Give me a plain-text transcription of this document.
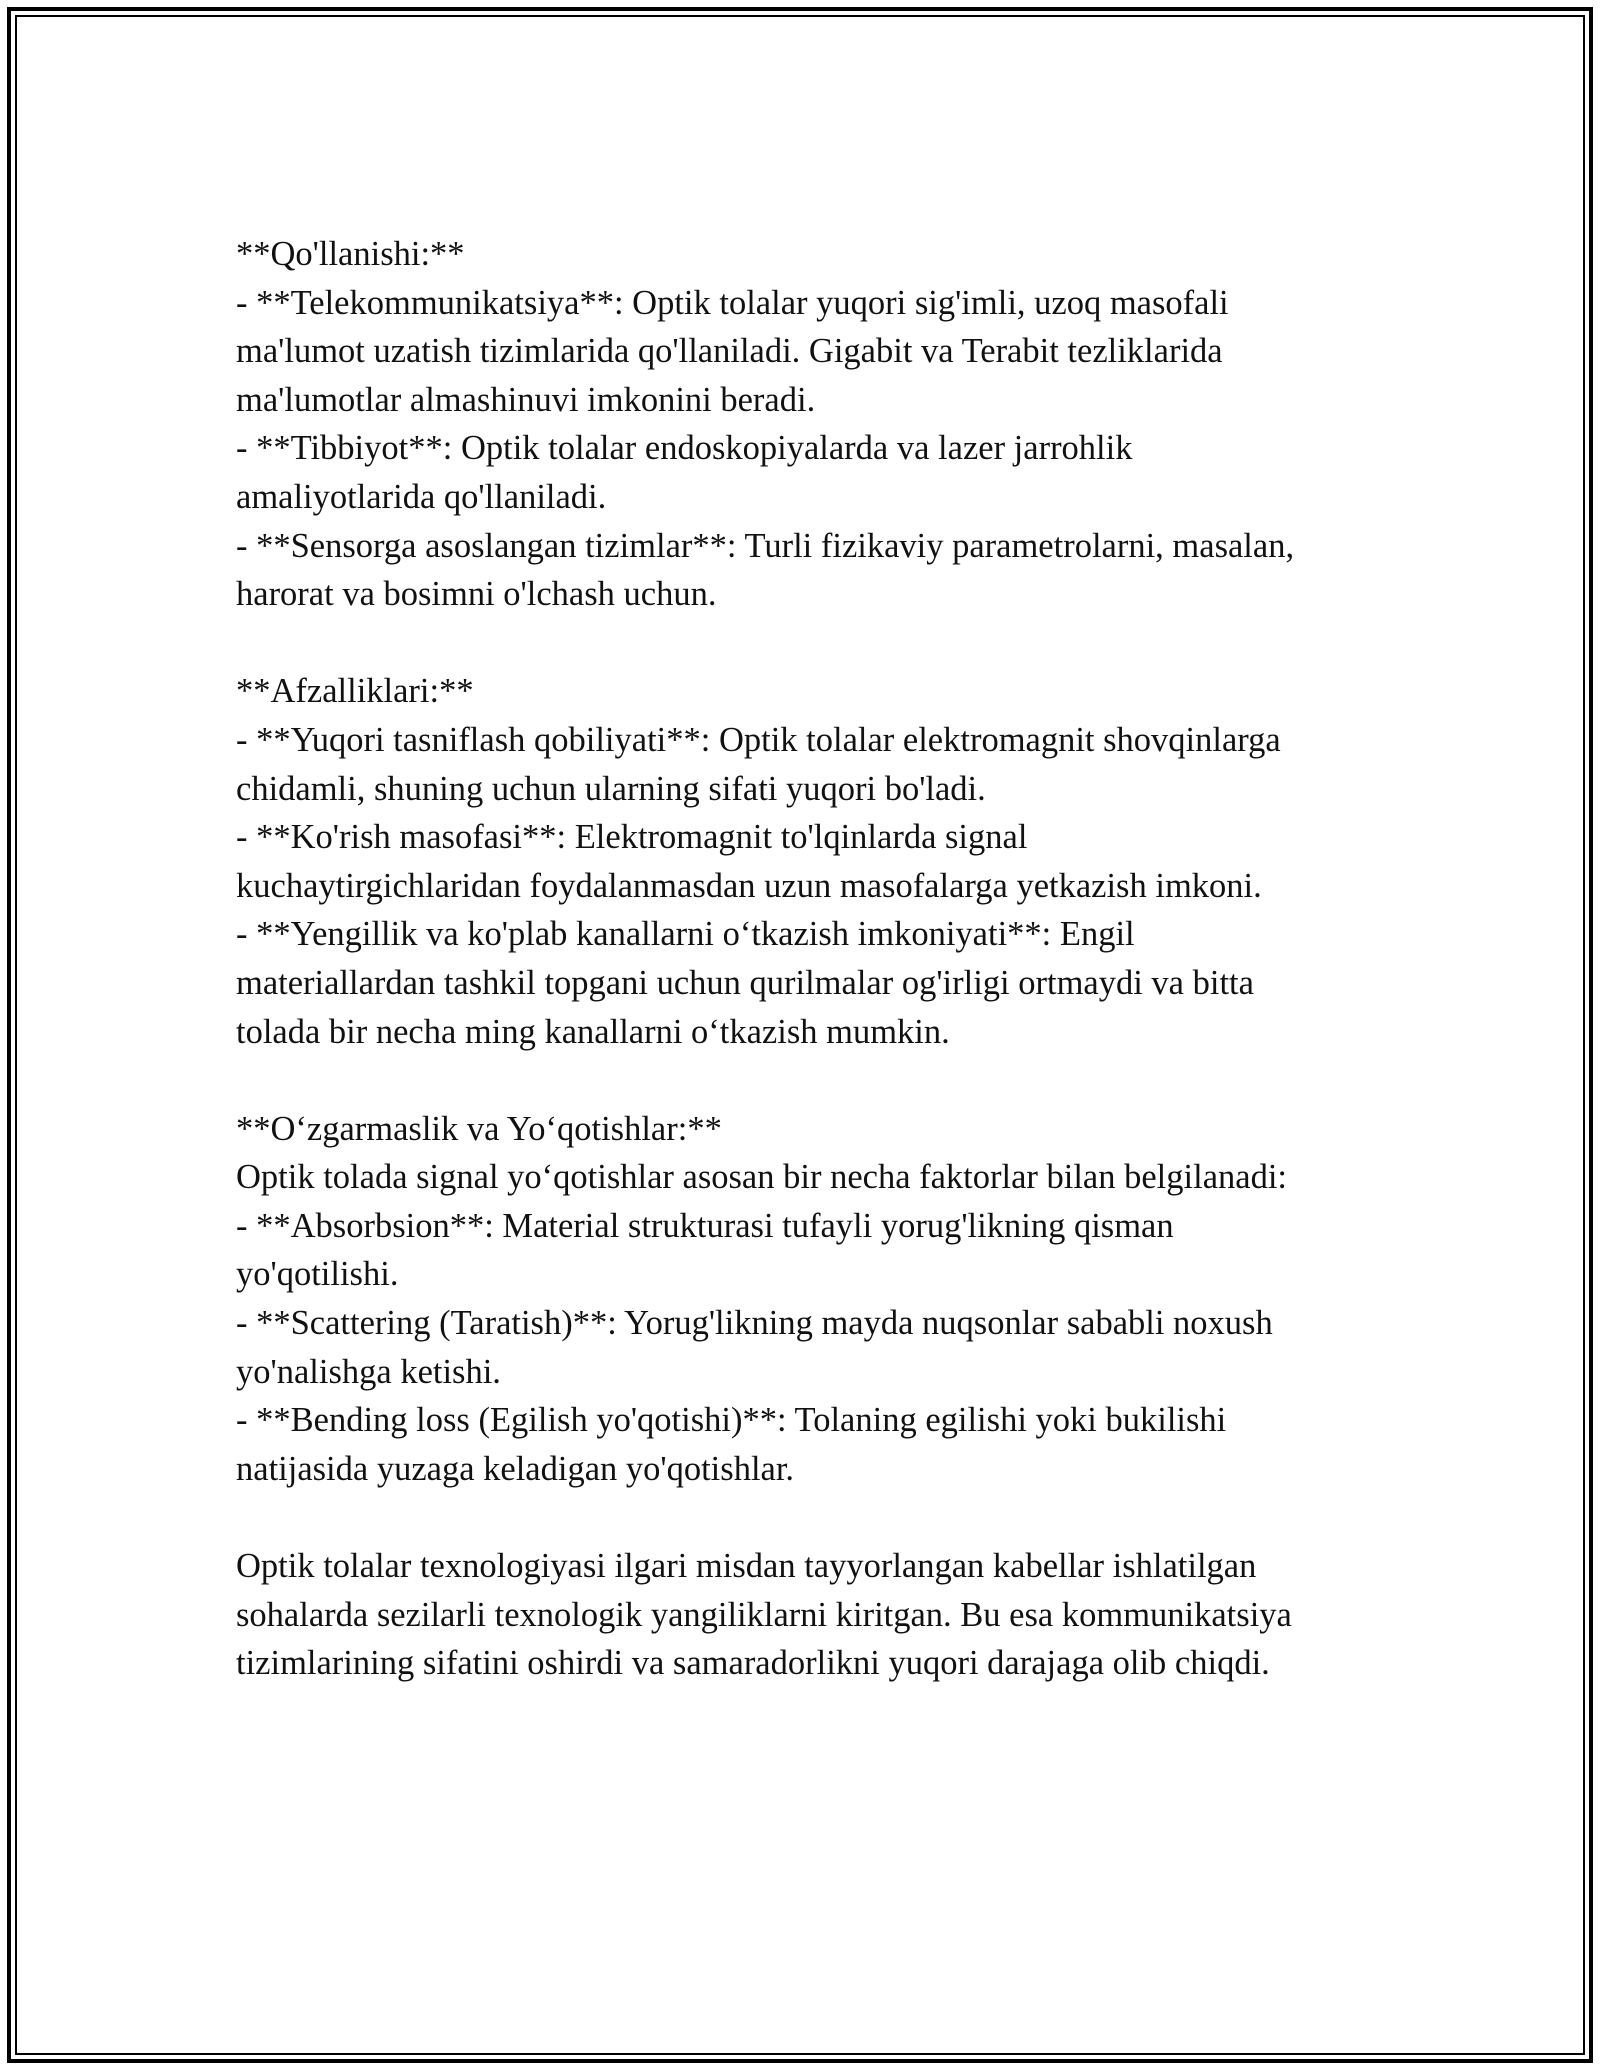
**Qo'llanishi:**
- **Telekommunikatsiya**: Optik tolalar yuqori sig'imli, uzoq masofali
ma'lumot uzatish tizimlarida qo'llaniladi. Gigabit va Terabit tezliklarida
ma'lumotlar almashinuvi imkonini beradi.
- **Tibbiyot**: Optik tolalar endoskopiyalarda va lazer jarrohlik
amaliyotlarida qo'llaniladi.
- **Sensorga asoslangan tizimlar**: Turli fizikaviy parametrolarni, masalan,
harorat va bosimni o'lchash uchun.
**Afzalliklari:**
- **Yuqori tasniflash qobiliyati**: Optik tolalar elektromagnit shovqinlarga
chidamli, shuning uchun ularning sifati yuqori bo'ladi.
- **Ko'rish masofasi**: Elektromagnit to'lqinlarda signal
kuchaytirgichlaridan foydalanmasdan uzun masofalarga yetkazish imkoni.
- **Yengillik va ko'plab kanallarni o‘tkazish imkoniyati**: Engil
materiallardan tashkil topgani uchun qurilmalar og'irligi ortmaydi va bitta
tolada bir necha ming kanallarni o‘tkazish mumkin.
**O‘zgarmaslik va Yo‘qotishlar:**
Optik tolada signal yo‘qotishlar asosan bir necha faktorlar bilan belgilanadi:
- **Absorbsion**: Material strukturasi tufayli yorug'likning qisman
yo'qotilishi.
- **Scattering (Taratish)**: Yorug'likning mayda nuqsonlar sababli noxush
yo'nalishga ketishi.
- **Bending loss (Egilish yo'qotishi)**: Tolaning egilishi yoki bukilishi
natijasida yuzaga keladigan yo'qotishlar.
Optik tolalar texnologiyasi ilgari misdan tayyorlangan kabellar ishlatilgan
sohalarda sezilarli texnologik yangiliklarni kiritgan. Bu esa kommunikatsiya
tizimlarining sifatini oshirdi va samaradorlikni yuqori darajaga olib chiqdi.
